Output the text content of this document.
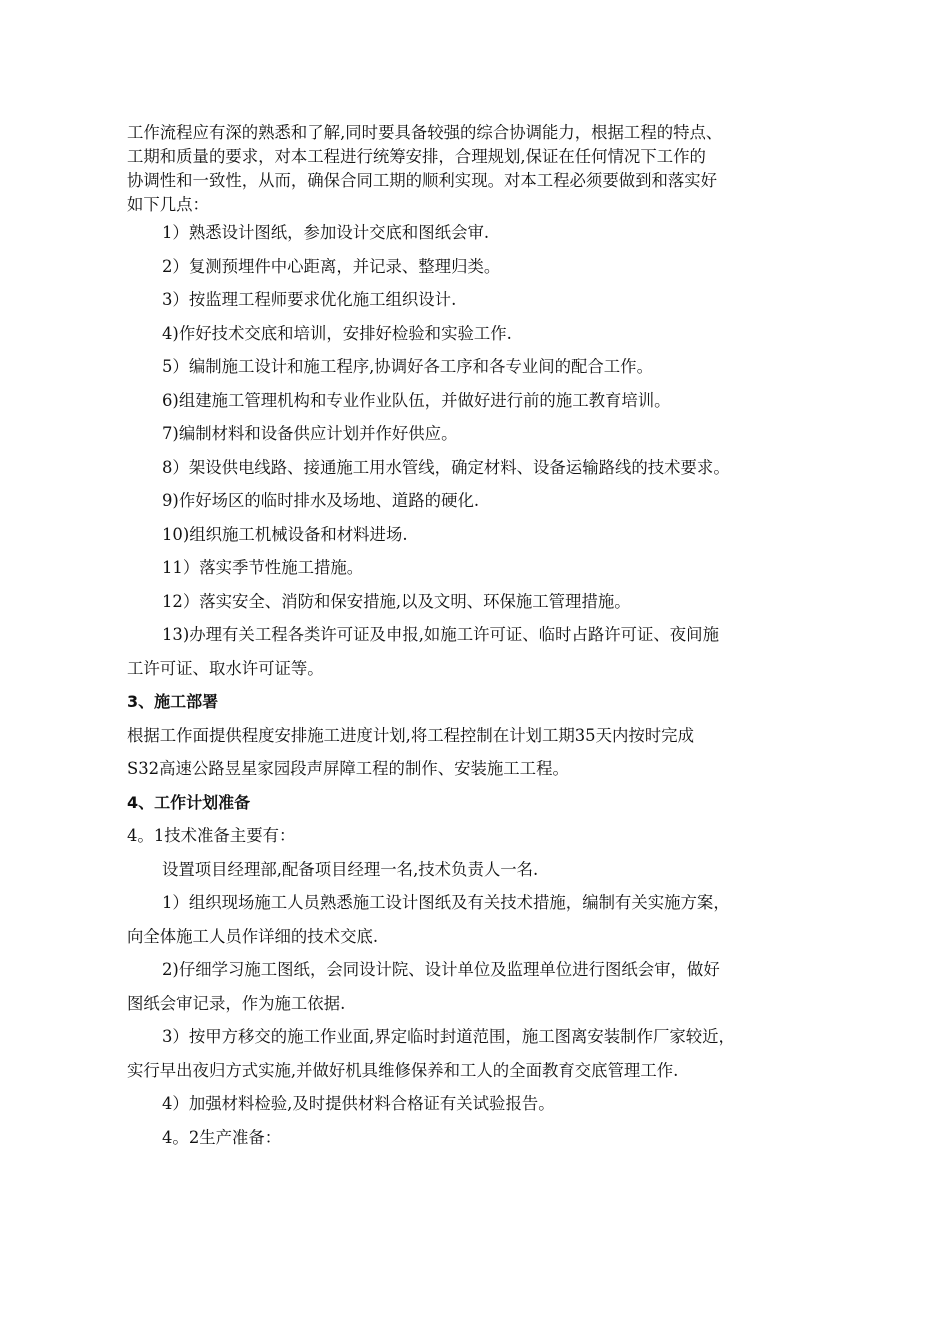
工作流程应有深的熟悉和了解,同时要具备较强的综合协调能力，根据工程的特点、
工期和质量的要求，对本工程进行统筹安排，合理规划,保证在任何情况下工作的
协调性和一致性，从而，确保合同工期的顺利实现。对本工程必须要做到和落实好
如下几点：
1）熟悉设计图纸，参加设计交底和图纸会审.
2）复测预埋件中心距离，并记录、整理归类。
3）按监理工程师要求优化施工组织设计.
4)作好技术交底和培训，安排好检验和实验工作.
5）编制施工设计和施工程序,协调好各工序和各专业间的配合工作。
6)组建施工管理机构和专业作业队伍，并做好进行前的施工教育培训。
7)编制材料和设备供应计划并作好供应。
8）架设供电线路、接通施工用水管线，确定材料、设备运输路线的技术要求。
9)作好场区的临时排水及场地、道路的硬化.
10)组织施工机械设备和材料进场.
11）落实季节性施工措施。
12）落实安全、消防和保安措施,以及文明、环保施工管理措施。
13)办理有关工程各类许可证及申报,如施工许可证、临时占路许可证、夜间施
工许可证、取水许可证等。
3、施工部署
根据工作面提供程度安排施工进度计划,将工程控制在计划工期35天内按时完成
S32高速公路昱星家园段声屏障工程的制作、安装施工工程。
4、工作计划准备
4。1技术准备主要有：
设置项目经理部,配备项目经理一名,技术负责人一名.
1）组织现场施工人员熟悉施工设计图纸及有关技术措施，编制有关实施方案，
向全体施工人员作详细的技术交底.
2)仔细学习施工图纸，会同设计院、设计单位及监理单位进行图纸会审，做好
图纸会审记录，作为施工依据.
3）按甲方移交的施工作业面,界定临时封道范围，施工图离安装制作厂家较近，
实行早出夜归方式实施,并做好机具维修保养和工人的全面教育交底管理工作.
4）加强材料检验,及时提供材料合格证有关试验报告。
4。2生产准备：
